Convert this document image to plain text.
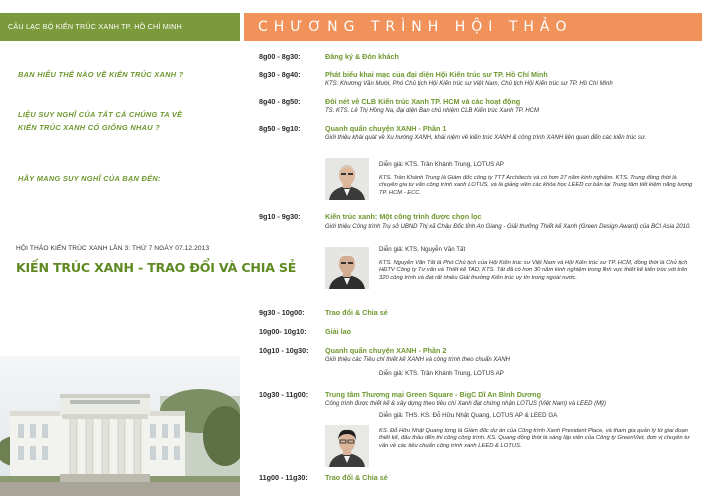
CÂU LẠC BỘ KIẾN TRÚC XANH TP. HỒ CHÍ MINH	CHƯƠNG TRÌNH HỘI THẢO
BẠN HIỂU THẾ NÀO VỀ KIẾN TRÚC XANH ?
LIỆU SUY NGHĨ CỦA TẤT CẢ CHÚNG TA VỀ
KIẾN TRÚC XANH CÓ GIỐNG NHAU ?
HÃY MANG SUY NGHĨ CỦA BẠN ĐẾN:
HỘI THẢO KIẾN TRÚC XANH LẦN 3: THỨ 7 NGÀY 07.12.2013
KIẾN TRÚC XANH - TRAO ĐỔI VÀ CHIA SẺ
8g00 - 8g30:	Đăng ký & Đón khách
8g30 - 8g40:	Phát biểu khai mạc của đại diện Hội Kiến trúc sư TP. Hồ Chí Minh
KTS. Khương Văn Mười, Phó Chủ tịch Hội Kiến trúc sư Việt Nam, Chủ tịch Hội Kiến trúc sư TP. Hồ Chí Minh
8g40 - 8g50:	Đôi nét về CLB Kiến trúc Xanh TP. HCM và các hoạt động
TS. KTS. Lê Thị Hồng Na, đại diện Ban chủ nhiệm CLB Kiến trúc Xanh TP. HCM
8g50 - 9g10:	Quanh quẩn chuyện XANH - Phần 1
Giới thiệu khái quát về Xu hướng XANH, khái niệm về kiến trúc XANH & công trình XANH liên quan đến các kiến trúc sư.
Diễn giả: KTS. Trần Khánh Trung, LOTUS AP
KTS. Trần Khánh Trung là Giám đốc công ty TTT Architects và có hơn 27 năm kinh nghiệm. KTS. Trung đồng thời là chuyên gia tư vấn công trình xanh LOTUS, và là giảng viên các khóa học LEED cơ bản tại Trung tâm tiết kiệm năng lượng TP. HCM - ECC.
9g10 - 9g30:	Kiến trúc xanh: Một công trình được chọn lọc
Giới thiệu Công trình Trụ sở UBND Thị xã Châu Đốc tỉnh An Giang - Giải thưởng Thiết kế Xanh (Green Design Award) của BCI Asia 2010.
Diễn giả: KTS. Nguyễn Văn Tất
KTS. Nguyễn Văn Tất là Phó Chủ tịch của Hội Kiến trúc sư Việt Nam và Hội Kiến trúc sư TP. HCM, đồng thời là Chủ tịch HĐTV Công ty Tư vấn và Thiết kế TAD. KTS. Tất đã có hơn 30 năm kinh nghiệm trong lĩnh vực thiết kế kiến trúc với trên 320 công trình và đạt rất nhiều Giải thưởng Kiến trúc uy tín trong ngoài nước.
9g30 - 10g00:	Trao đổi & Chia sẻ
10g00- 10g10:	Giải lao
10g10 - 10g30:	Quanh quẩn chuyện XANH - Phần 2
Giới thiệu các Tiêu chí thiết kế XANH và công trình theo chuẩn XANH
Diễn giả: KTS. Trần Khánh Trung, LOTUS AP
10g30 - 11g00:	Trung tâm Thương mại Green Square - BigC Dĩ An Bình Dương
Công trình được thiết kế & xây dựng theo tiêu chí Xanh đạt chứng nhận LOTUS (Việt Nam) và LEED (Mỹ)
Diễn giả: THS. KS. Đỗ Hữu Nhật Quang, LOTUS AP & LEED GA
KS. Đỗ Hữu Nhật Quang từng là Giám đốc dự án của Công trình Xanh President Place, và tham gia quản lý từ giai đoạn thiết kế, đấu thầu đến thi công công trình. KS. Quang đồng thời là sáng lập viên của Công ty GreenViet, đơn vị chuyên tư vấn về các tiêu chuẩn công trình xanh LEED & LOTUS.
11g00 - 11g30:	Trao đổi & Chia sẻ
